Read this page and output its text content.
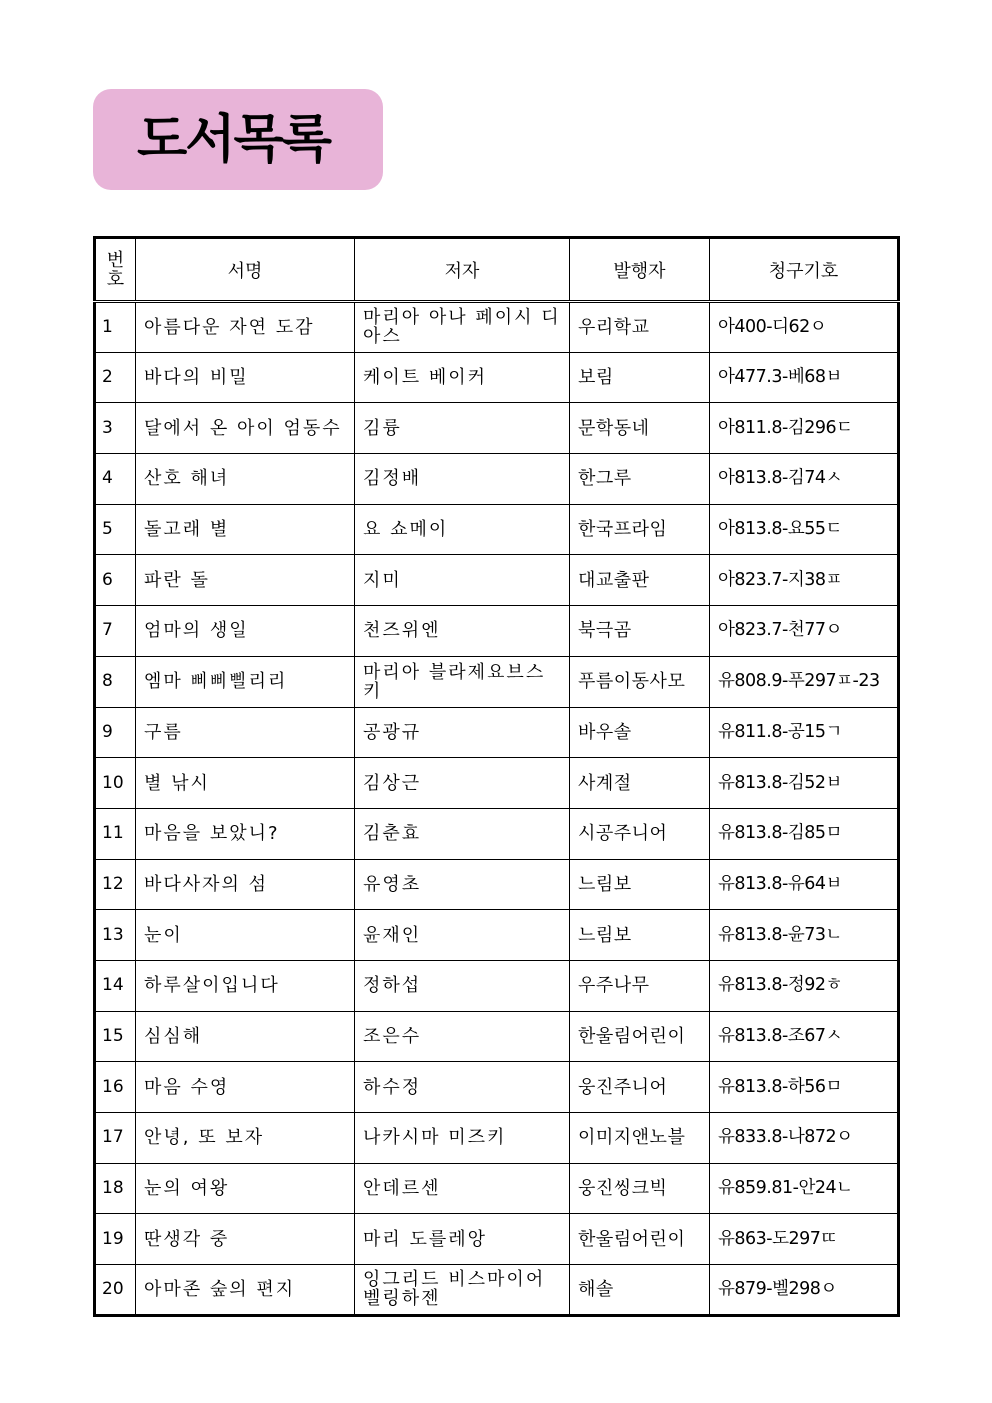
도서목록
번호	서명	저자	발행자	청구기호
1	아름다운 자연 도감	마리아 아나 페이시 디아스	우리학교	아400-디62ㅇ
2	바다의 비밀	케이트 베이커	보림	아477.3-베68ㅂ
3	달에서 온 아이 엄동수	김륭	문학동네	아811.8-김296ㄷ
4	산호 해녀	김정배	한그루	아813.8-김74ㅅ
5	돌고래 별	요 쇼메이	한국프라임	아813.8-요55ㄷ
6	파란 돌	지미	대교출판	아823.7-지38ㅍ
7	엄마의 생일	천즈위엔	북극곰	아823.7-천77ㅇ
8	엠마 삐삐삘리리	마리아 블라제요브스키	푸름이동사모	유808.9-푸297ㅍ-23
9	구름	공광규	바우솔	유811.8-공15ㄱ
10	별 낚시	김상근	사계절	유813.8-김52ㅂ
11	마음을 보았니?	김춘효	시공주니어	유813.8-김85ㅁ
12	바다사자의 섬	유영초	느림보	유813.8-유64ㅂ
13	눈이	윤재인	느림보	유813.8-윤73ㄴ
14	하루살이입니다	정하섭	우주나무	유813.8-정92ㅎ
15	심심해	조은수	한울림어린이	유813.8-조67ㅅ
16	마음 수영	하수정	웅진주니어	유813.8-하56ㅁ
17	안녕, 또 보자	나카시마 미즈키	이미지앤노블	유833.8-나872ㅇ
18	눈의 여왕	안데르센	웅진씽크빅	유859.81-안24ㄴ
19	딴생각 중	마리 도를레앙	한울림어린이	유863-도297ㄸ
20	아마존 숲의 편지	잉그리드 비스마이어 벨링하젠	해솔	유879-벨298ㅇ
